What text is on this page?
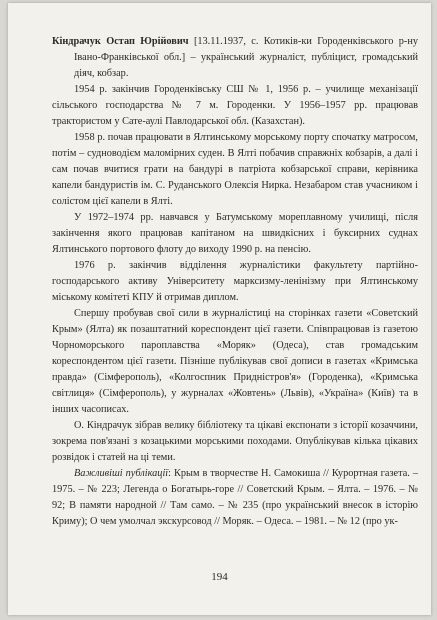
Кіндрачук Остап Юрійович [13.11.1937, с. Котиків-ки Городенківського р-ну Івано-Франківської обл.] – український журналіст, публіцист, громадський діяч, кобзар.

1954 р. закінчив Городенківську СШ № 1, 1956 р. – училище механізації сільського господарства № 7 м. Городенки. У 1956–1957 рр. працював трактористом у Сате-аулі Павлодарської обл. (Казахстан).

1958 р. почав працювати в Ялтинському морському порту спочатку матросом, потім – судноводієм маломірних суден. В Ялті побачив справжніх кобзарів, а далі і сам почав вчитися грати на бандурі в патріота кобзарської справи, керівника капели бандуристів ім. С. Руданського Олексія Нирка. Незабаром став учасником і солістом цієї капели в Ялті.

У 1972–1974 рр. навчався у Батумському мореплавному училищі, після закінчення якого працював капітаном на швидкісних і буксирних суднах Ялтинського портового флоту до виходу 1990 р. на пенсію.

1976 р. закінчив відділення журналістики факультету партійно-господарського активу Університету марксизму-ленінізму при Ялтинському міському комітеті КПУ й отримав диплом.

Спершу пробував свої сили в журналістиці на сторінках газети «Советский Крым» (Ялта) як позаштатний кореспондент цієї газети. Співпрацював із газетою Чорноморського пароплавства «Моряк» (Одеса), став громадським кореспондентом цієї газети. Пізніше публікував свої дописи в газетах «Кримська правда» (Сімферополь), «Колгоспник Придністров'я» (Городенка), «Кримська світлиця» (Сімферополь), у журналах «Жовтень» (Львів), «Україна» (Київ) та в інших часописах.

О. Кіндрачук зібрав велику бібліотеку та цікаві експонати з історії козаччини, зокрема пов'язані з козацькими морськими походами. Опублікував кілька цікавих розвідок і статей на ці теми.

Важливіші публікації: Крым в творчестве Н. Самокиша // Курортная газета. – 1975. – № 223; Легенда о Богатырь-горе // Советский Крым. – Ялта. – 1976. – № 92; В памяти народной // Там само. – № 235 (про український внесок в історію Криму); О чем умолчал экскурсовод // Моряк. – Одеса. – 1981. – № 12 (про ук-

194
